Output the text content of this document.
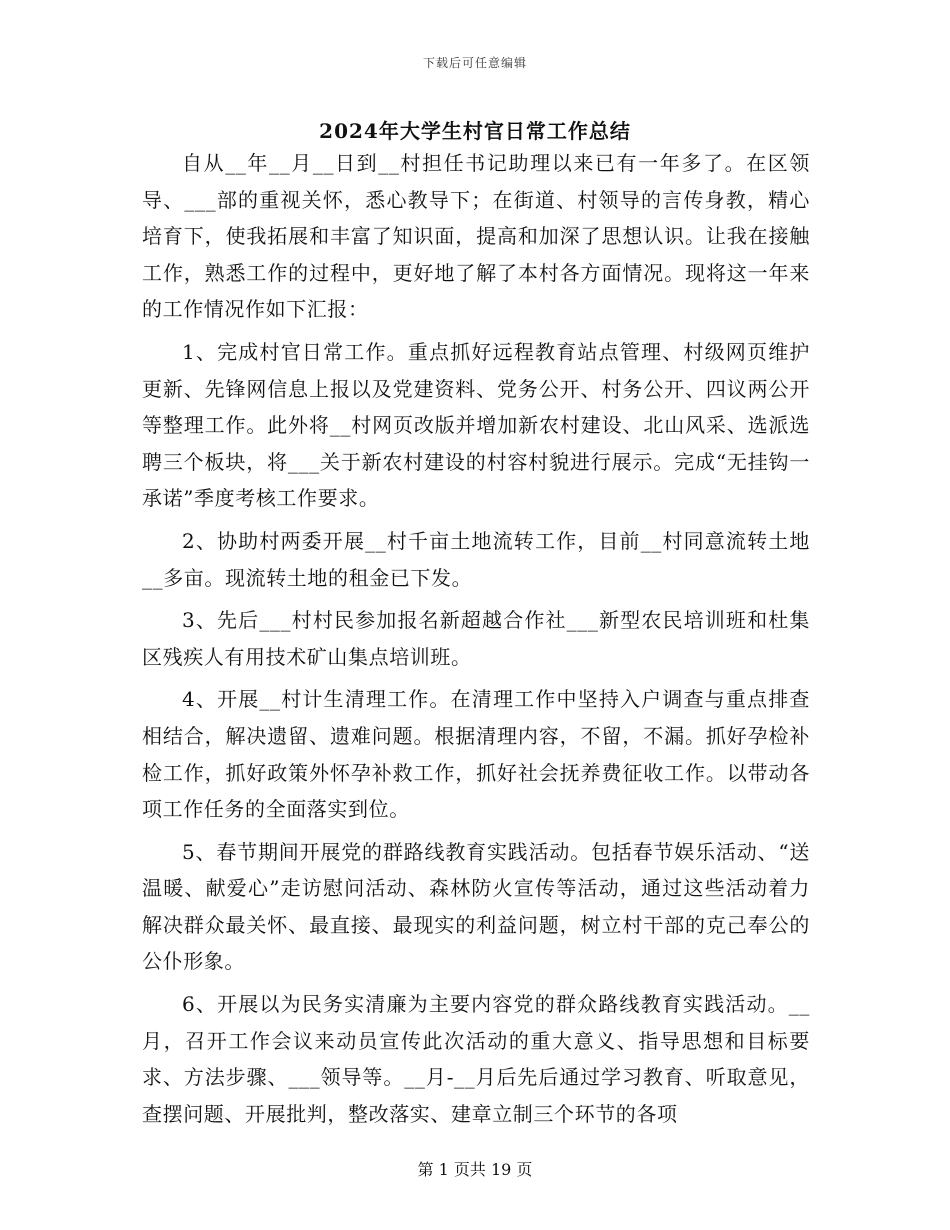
下载后可任意编辑
2024年大学生村官日常工作总结

自从__年__月__日到__村担任书记助理以来已有一年多了。在区领导、___部的重视关怀，悉心教导下；在街道、村领导的言传身教，精心培育下，使我拓展和丰富了知识面，提高和加深了思想认识。让我在接触工作，熟悉工作的过程中，更好地了解了本村各方面情况。现将这一年来的工作情况作如下汇报：

1、完成村官日常工作。重点抓好远程教育站点管理、村级网页维护更新、先锋网信息上报以及党建资料、党务公开、村务公开、四议两公开等整理工作。此外将__村网页改版并增加新农村建设、北山风采、选派选聘三个板块，将___关于新农村建设的村容村貌进行展示。完成“无挂钩一承诺”季度考核工作要求。

2、协助村两委开展__村千亩土地流转工作，目前__村同意流转土地__多亩。现流转土地的租金已下发。

3、先后___村村民参加报名新超越合作社___新型农民培训班和杜集区残疾人有用技术矿山集点培训班。

4、开展__村计生清理工作。在清理工作中坚持入户调查与重点排查相结合，解决遗留、遗难问题。根据清理内容，不留，不漏。抓好孕检补检工作，抓好政策外怀孕补救工作，抓好社会抚养费征收工作。以带动各项工作任务的全面落实到位。

5、春节期间开展党的群路线教育实践活动。包括春节娱乐活动、“送温暖、献爱心”走访慰问活动、森林防火宣传等活动，通过这些活动着力解决群众最关怀、最直接、最现实的利益问题，树立村干部的克己奉公的公仆形象。

6、开展以为民务实清廉为主要内容党的群众路线教育实践活动。__月，召开工作会议来动员宣传此次活动的重大意义、指导思想和目标要求、方法步骤、___领导等。__月-__月后先后通过学习教育、听取意见，查摆问题、开展批判，整改落实、建章立制三个环节的各项

第 1 页共 19 页
